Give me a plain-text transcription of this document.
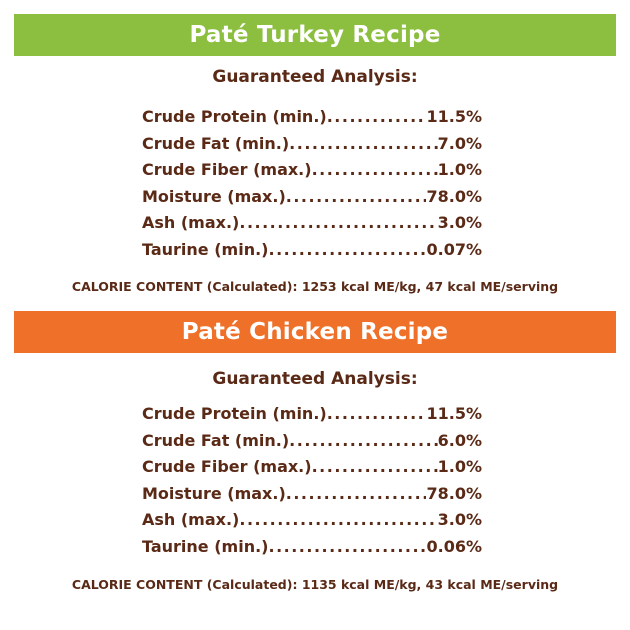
Paté Turkey Recipe
Guaranteed Analysis:
Crude Protein (min.) .....	11.5%
Crude Fat (min.) .....	7.0%
Crude Fiber (max.) .....	1.0%
Moisture (max.) .....	78.0%
Ash (max.) .....	3.0%
Taurine (min.) .....	0.07%
CALORIE CONTENT (Calculated): 1253 kcal ME/kg, 47 kcal ME/serving
Paté Chicken Recipe
Guaranteed Analysis:
Crude Protein (min.) .....	11.5%
Crude Fat (min.) .....	6.0%
Crude Fiber (max.) .....	1.0%
Moisture (max.) .....	78.0%
Ash (max.) .....	3.0%
Taurine (min.) .....	0.06%
CALORIE CONTENT (Calculated): 1135 kcal ME/kg, 43 kcal ME/serving
